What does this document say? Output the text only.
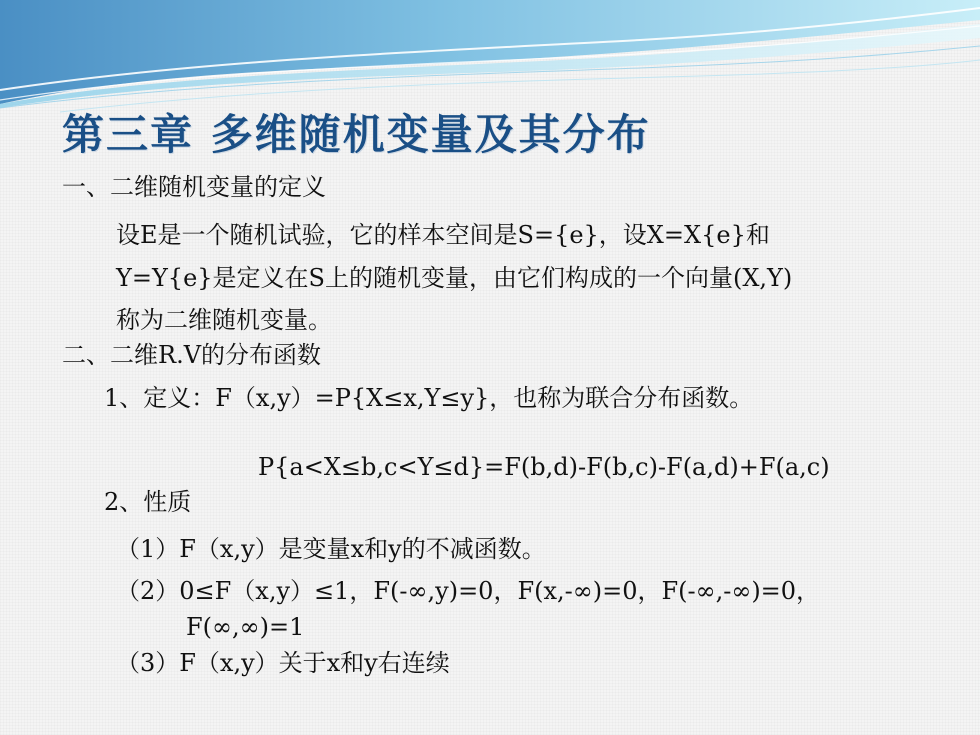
第三章 多维随机变量及其分布
一、二维随机变量的定义
设E是一个随机试验，它的样本空间是S={e}，设X=X{e}和
Y=Y{e}是定义在S上的随机变量，由它们构成的一个向量(X,Y)
称为二维随机变量。
二、二维R.V的分布函数
1、定义：F（x,y）=P{X≤x,Y≤y}，也称为联合分布函数。
P{a<X≤b,c<Y≤d}=F(b,d)-F(b,c)-F(a,d)+F(a,c)
2、性质
（1）F（x,y）是变量x和y的不减函数。
（2）0≤F（x,y）≤1，F(-∞,y)=0，F(x,-∞)=0，F(-∞,-∞)=0，
F(∞,∞)=1
（3）F（x,y）关于x和y右连续
